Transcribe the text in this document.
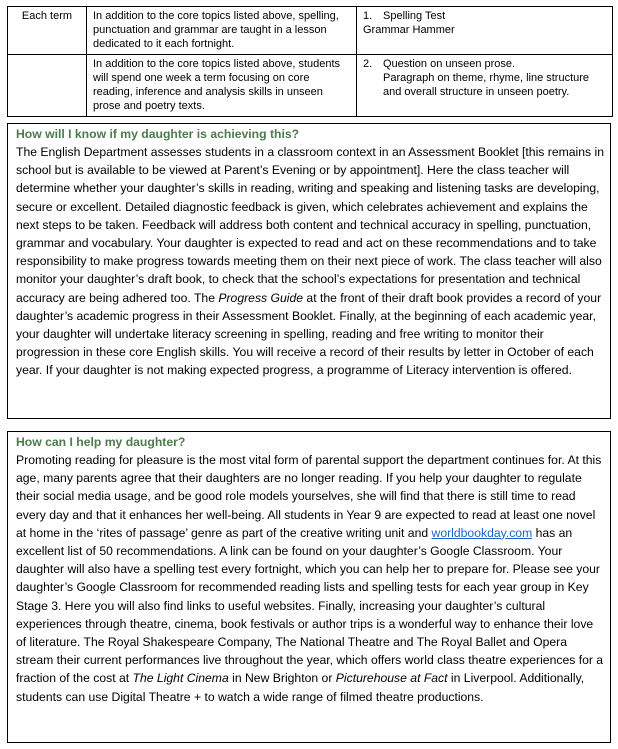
Each term	In addition to the core topics listed above, spelling, punctuation and grammar are taught in a lesson dedicated to it each fortnight.	1. Spelling Test
Grammar Hammer

	In addition to the core topics listed above, students will spend one week a term focusing on core reading, inference and analysis skills in unseen prose and poetry texts.	2. Question on unseen prose.
Paragraph on theme, rhyme, line structure and overall structure in unseen poetry.
How will I know if my daughter is achieving this?

The English Department assesses students in a classroom context in an Assessment Booklet [this remains in school but is available to be viewed at Parent’s Evening or by appointment]. Here the class teacher will determine whether your daughter’s skills in reading, writing and speaking and listening tasks are developing, secure or excellent. Detailed diagnostic feedback is given, which celebrates achievement and explains the next steps to be taken. Feedback will address both content and technical accuracy in spelling, punctuation, grammar and vocabulary. Your daughter is expected to read and act on these recommendations and to take responsibility to make progress towards meeting them on their next piece of work. The class teacher will also monitor your daughter’s draft book, to check that the school’s expectations for presentation and technical accuracy are being adhered too. The Progress Guide at the front of their draft book provides a record of your daughter’s academic progress in their Assessment Booklet. Finally, at the beginning of each academic year, your daughter will undertake literacy screening in spelling, reading and free writing to monitor their progression in these core English skills. You will receive a record of their results by letter in October of each year. If your daughter is not making expected progress, a programme of Literacy intervention is offered.

How can I help my daughter?

Promoting reading for pleasure is the most vital form of parental support the department continues for. At this age, many parents agree that their daughters are no longer reading. If you help your daughter to regulate their social media usage, and be good role models yourselves, she will find that there is still time to read every day and that it enhances her well-being. All students in Year 9 are expected to read at least one novel at home in the ‘rites of passage’ genre as part of the creative writing unit and worldbookday.com has an excellent list of 50 recommendations. A link can be found on your daughter’s Google Classroom. Your daughter will also have a spelling test every fortnight, which you can help her to prepare for. Please see your daughter’s Google Classroom for recommended reading lists and spelling tests for each year group in Key Stage 3. Here you will also find links to useful websites. Finally, increasing your daughter’s cultural experiences through theatre, cinema, book festivals or author trips is a wonderful way to enhance their love of literature. The Royal Shakespeare Company, The National Theatre and The Royal Ballet and Opera stream their current performances live throughout the year, which offers world class theatre experiences for a fraction of the cost at The Light Cinema in New Brighton or Picturehouse at Fact in Liverpool. Additionally, students can use Digital Theatre + to watch a wide range of filmed theatre productions.
